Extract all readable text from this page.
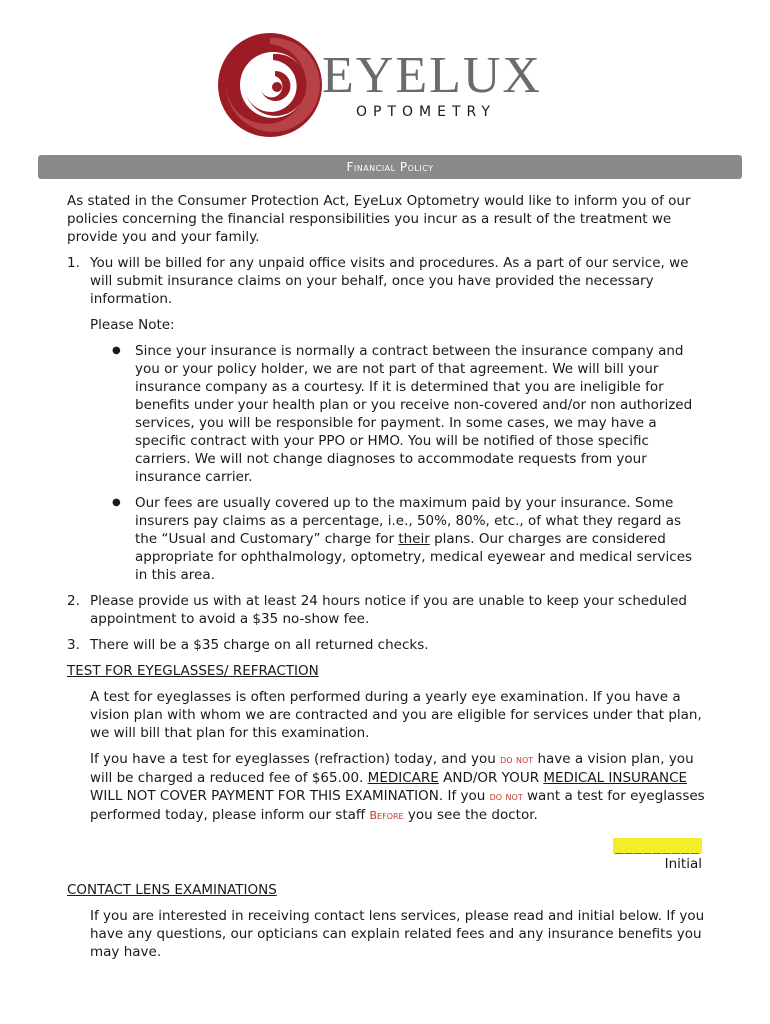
EYELUX
OPTOMETRY
Financial Policy

As stated in the Consumer Protection Act, EyeLux Optometry would like to inform you of our policies concerning the financial responsibilities you incur as a result of the treatment we provide you and your family.

1. You will be billed for any unpaid office visits and procedures. As a part of our service, we will submit insurance claims on your behalf, once you have provided the necessary information.

Please Note:

●	Since your insurance is normally a contract between the insurance company and you or your policy holder, we are not part of that agreement. We will bill your insurance company as a courtesy. If it is determined that you are ineligible for benefits under your health plan or you receive non-covered and/or non authorized services, you will be responsible for payment. In some cases, we may have a specific contract with your PPO or HMO. You will be notified of those specific carriers. We will not change diagnoses to accommodate requests from your insurance carrier.
●	Our fees are usually covered up to the maximum paid by your insurance. Some insurers pay claims as a percentage, i.e., 50%, 80%, etc., of what they regard as the “Usual and Customary” charge for their plans. Our charges are considered appropriate for ophthalmology, optometry, medical eyewear and medical services in this area.
2. Please provide us with at least 24 hours notice if you are unable to keep your scheduled appointment to avoid a $35 no-show fee.
3. There will be a $35 charge on all returned checks.

TEST FOR EYEGLASSES/ REFRACTION

A test for eyeglasses is often performed during a yearly eye examination. If you have a vision plan with whom we are contracted and you are eligible for services under that plan, we will bill that plan for this examination.

If you have a test for eyeglasses (refraction) today, and you do not have a vision plan, you will be charged a reduced fee of $65.00. MEDICARE AND/OR YOUR MEDICAL INSURANCE WILL NOT COVER PAYMENT FOR THIS EXAMINATION. If you do not want a test for eyeglasses performed today, please inform our staff Before you see the doctor.

_________
Initial

CONTACT LENS EXAMINATIONS

If you are interested in receiving contact lens services, please read and initial below. If you have any questions, our opticians can explain related fees and any insurance benefits you may have.
